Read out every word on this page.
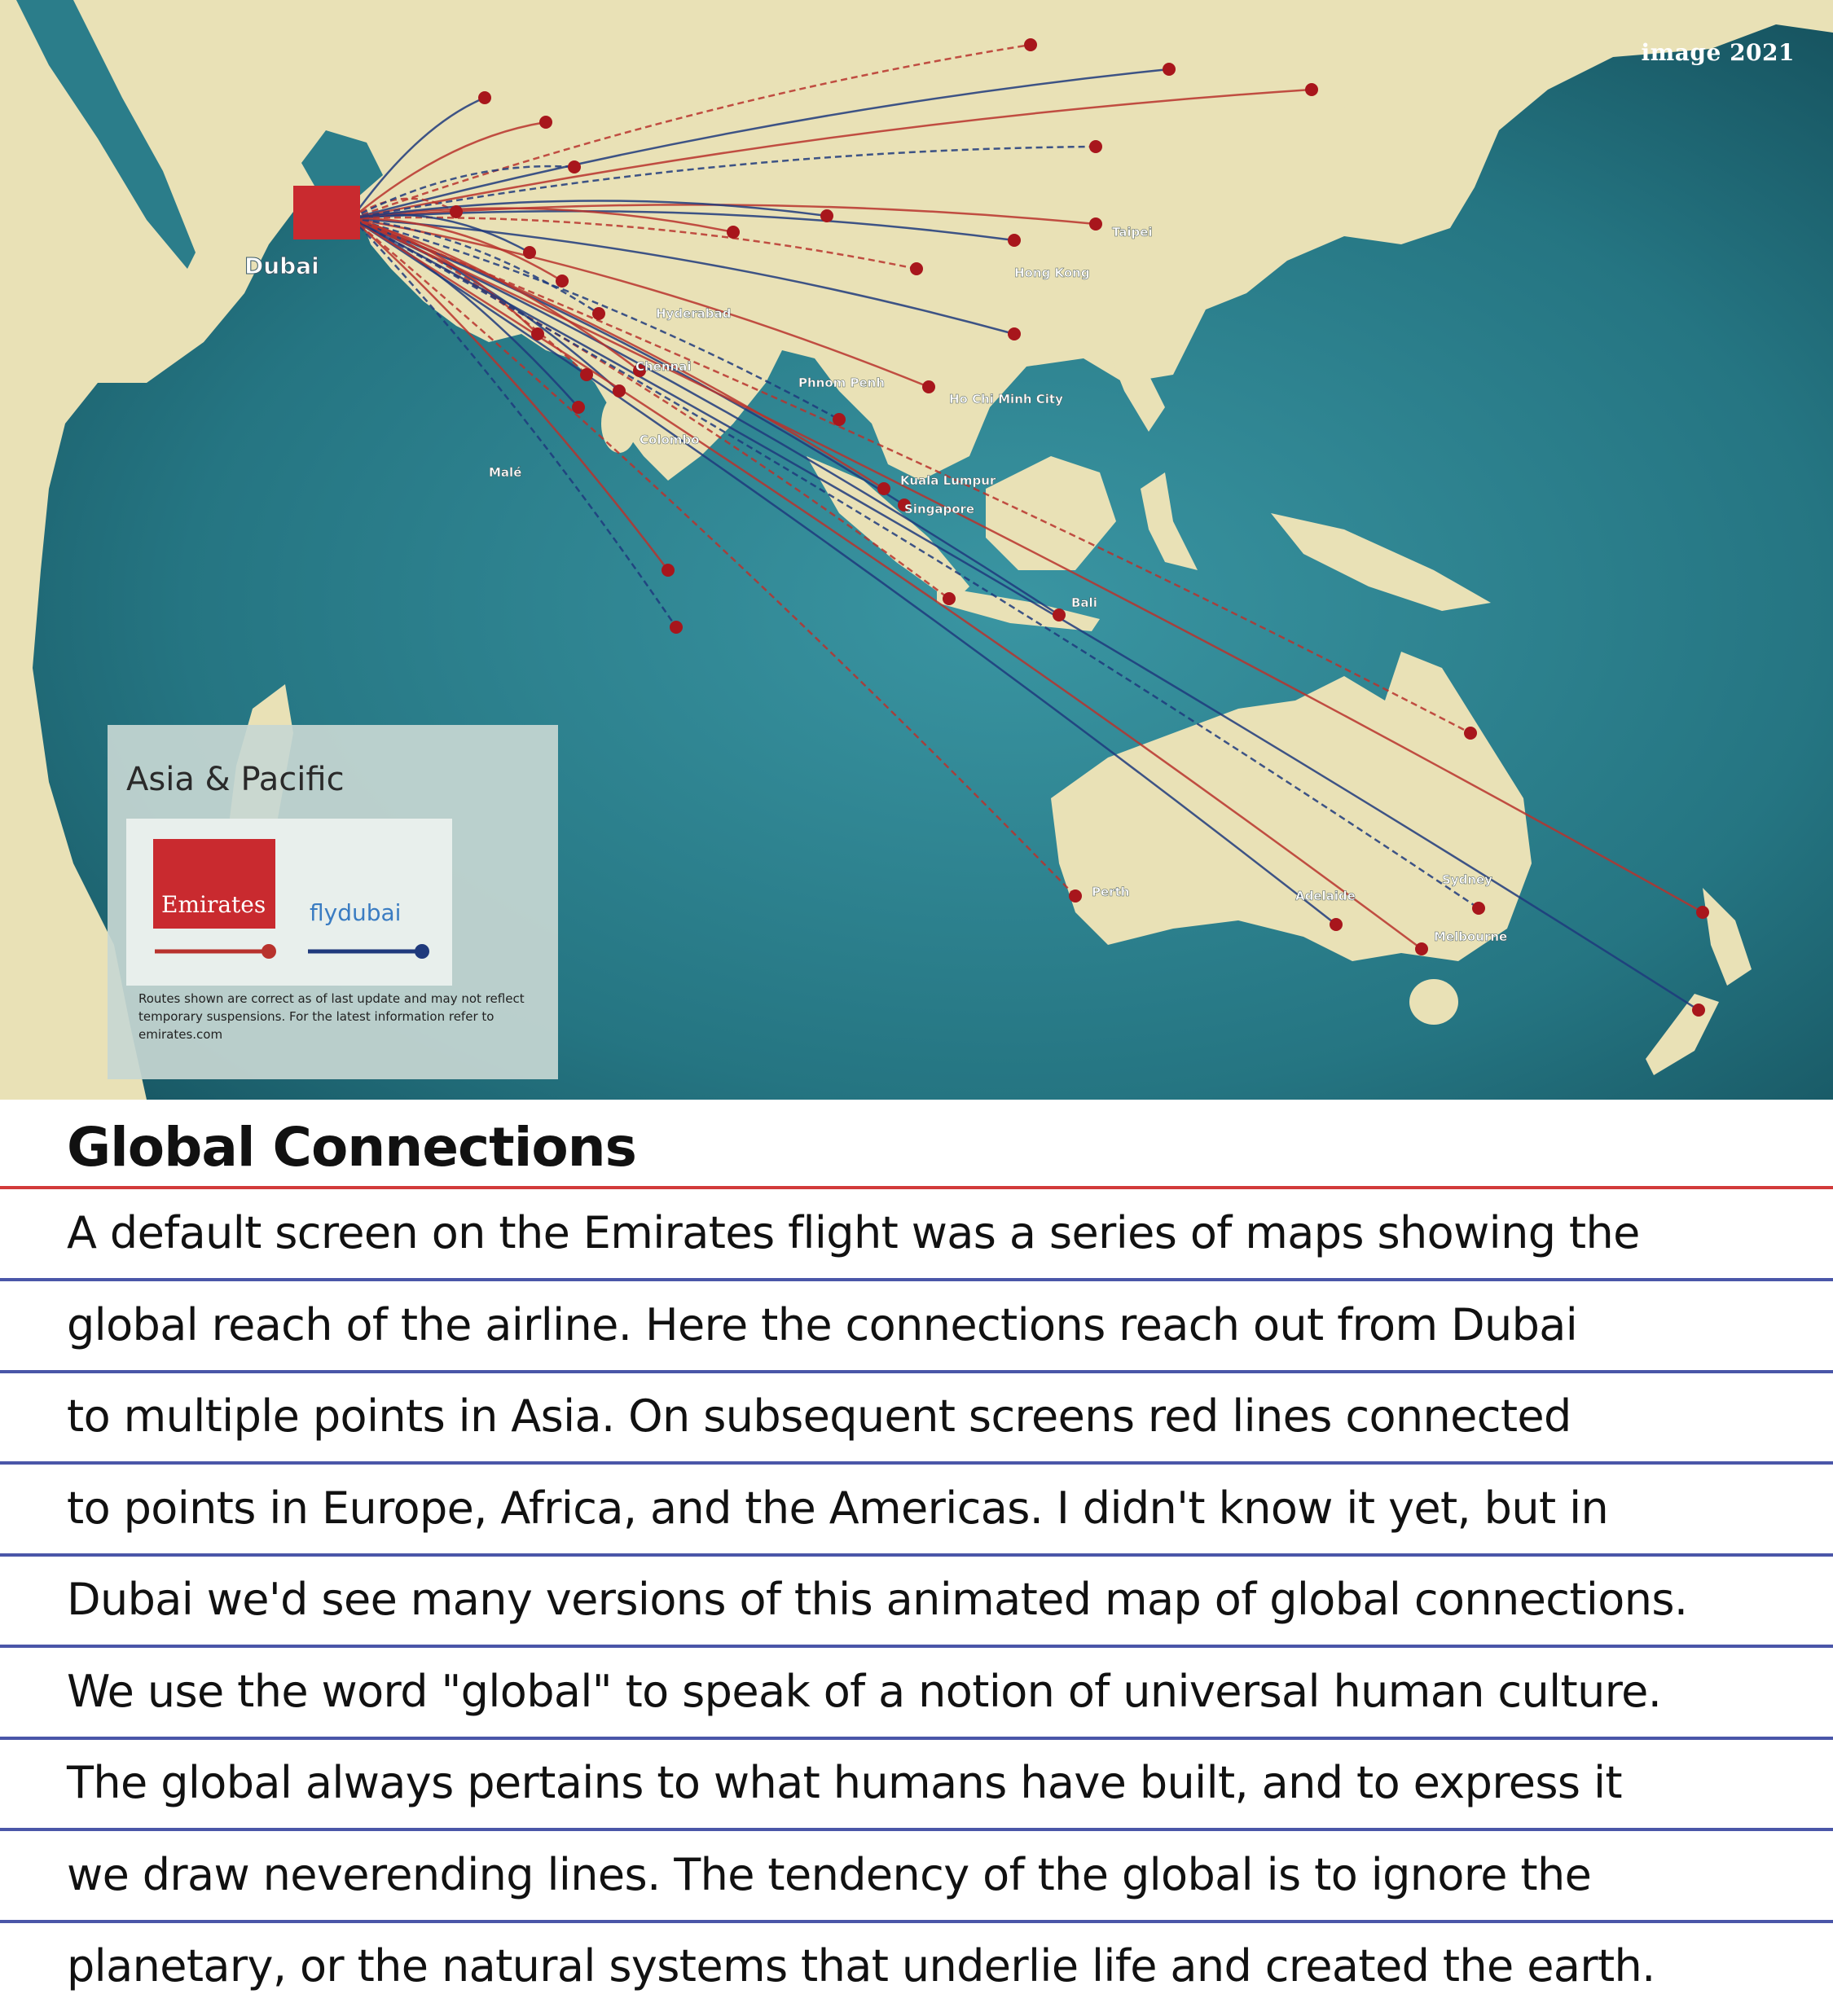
Dubai
Taipei
Hong Kong
Ho Chi Minh City
Kuala Lumpur
Singapore
Bali
Chennai
Colombo
Malé
Perth	Adelaide
Melbourne
Sydney
Hyderabad
Phnom Penh
Asia & Pacific
Emirates flydubai
Routes shown are correct as of last update and may not reflect temporary suspensions. For the latest information refer to emirates.com
image 2021
Global Connections
A default screen on the Emirates flight was a series of maps showing the
global reach of the airline. Here the connections reach out from Dubai
to multiple points in Asia. On subsequent screens red lines connected
to points in Europe, Africa, and the Americas. I didn't know it yet, but in
Dubai we'd see many versions of this animated map of global connections.
We use the word "global" to speak of a notion of universal human culture.
The global always pertains to what humans have built, and to express it
we draw neverending lines. The tendency of the global is to ignore the
planetary, or the natural systems that underlie life and created the earth.
